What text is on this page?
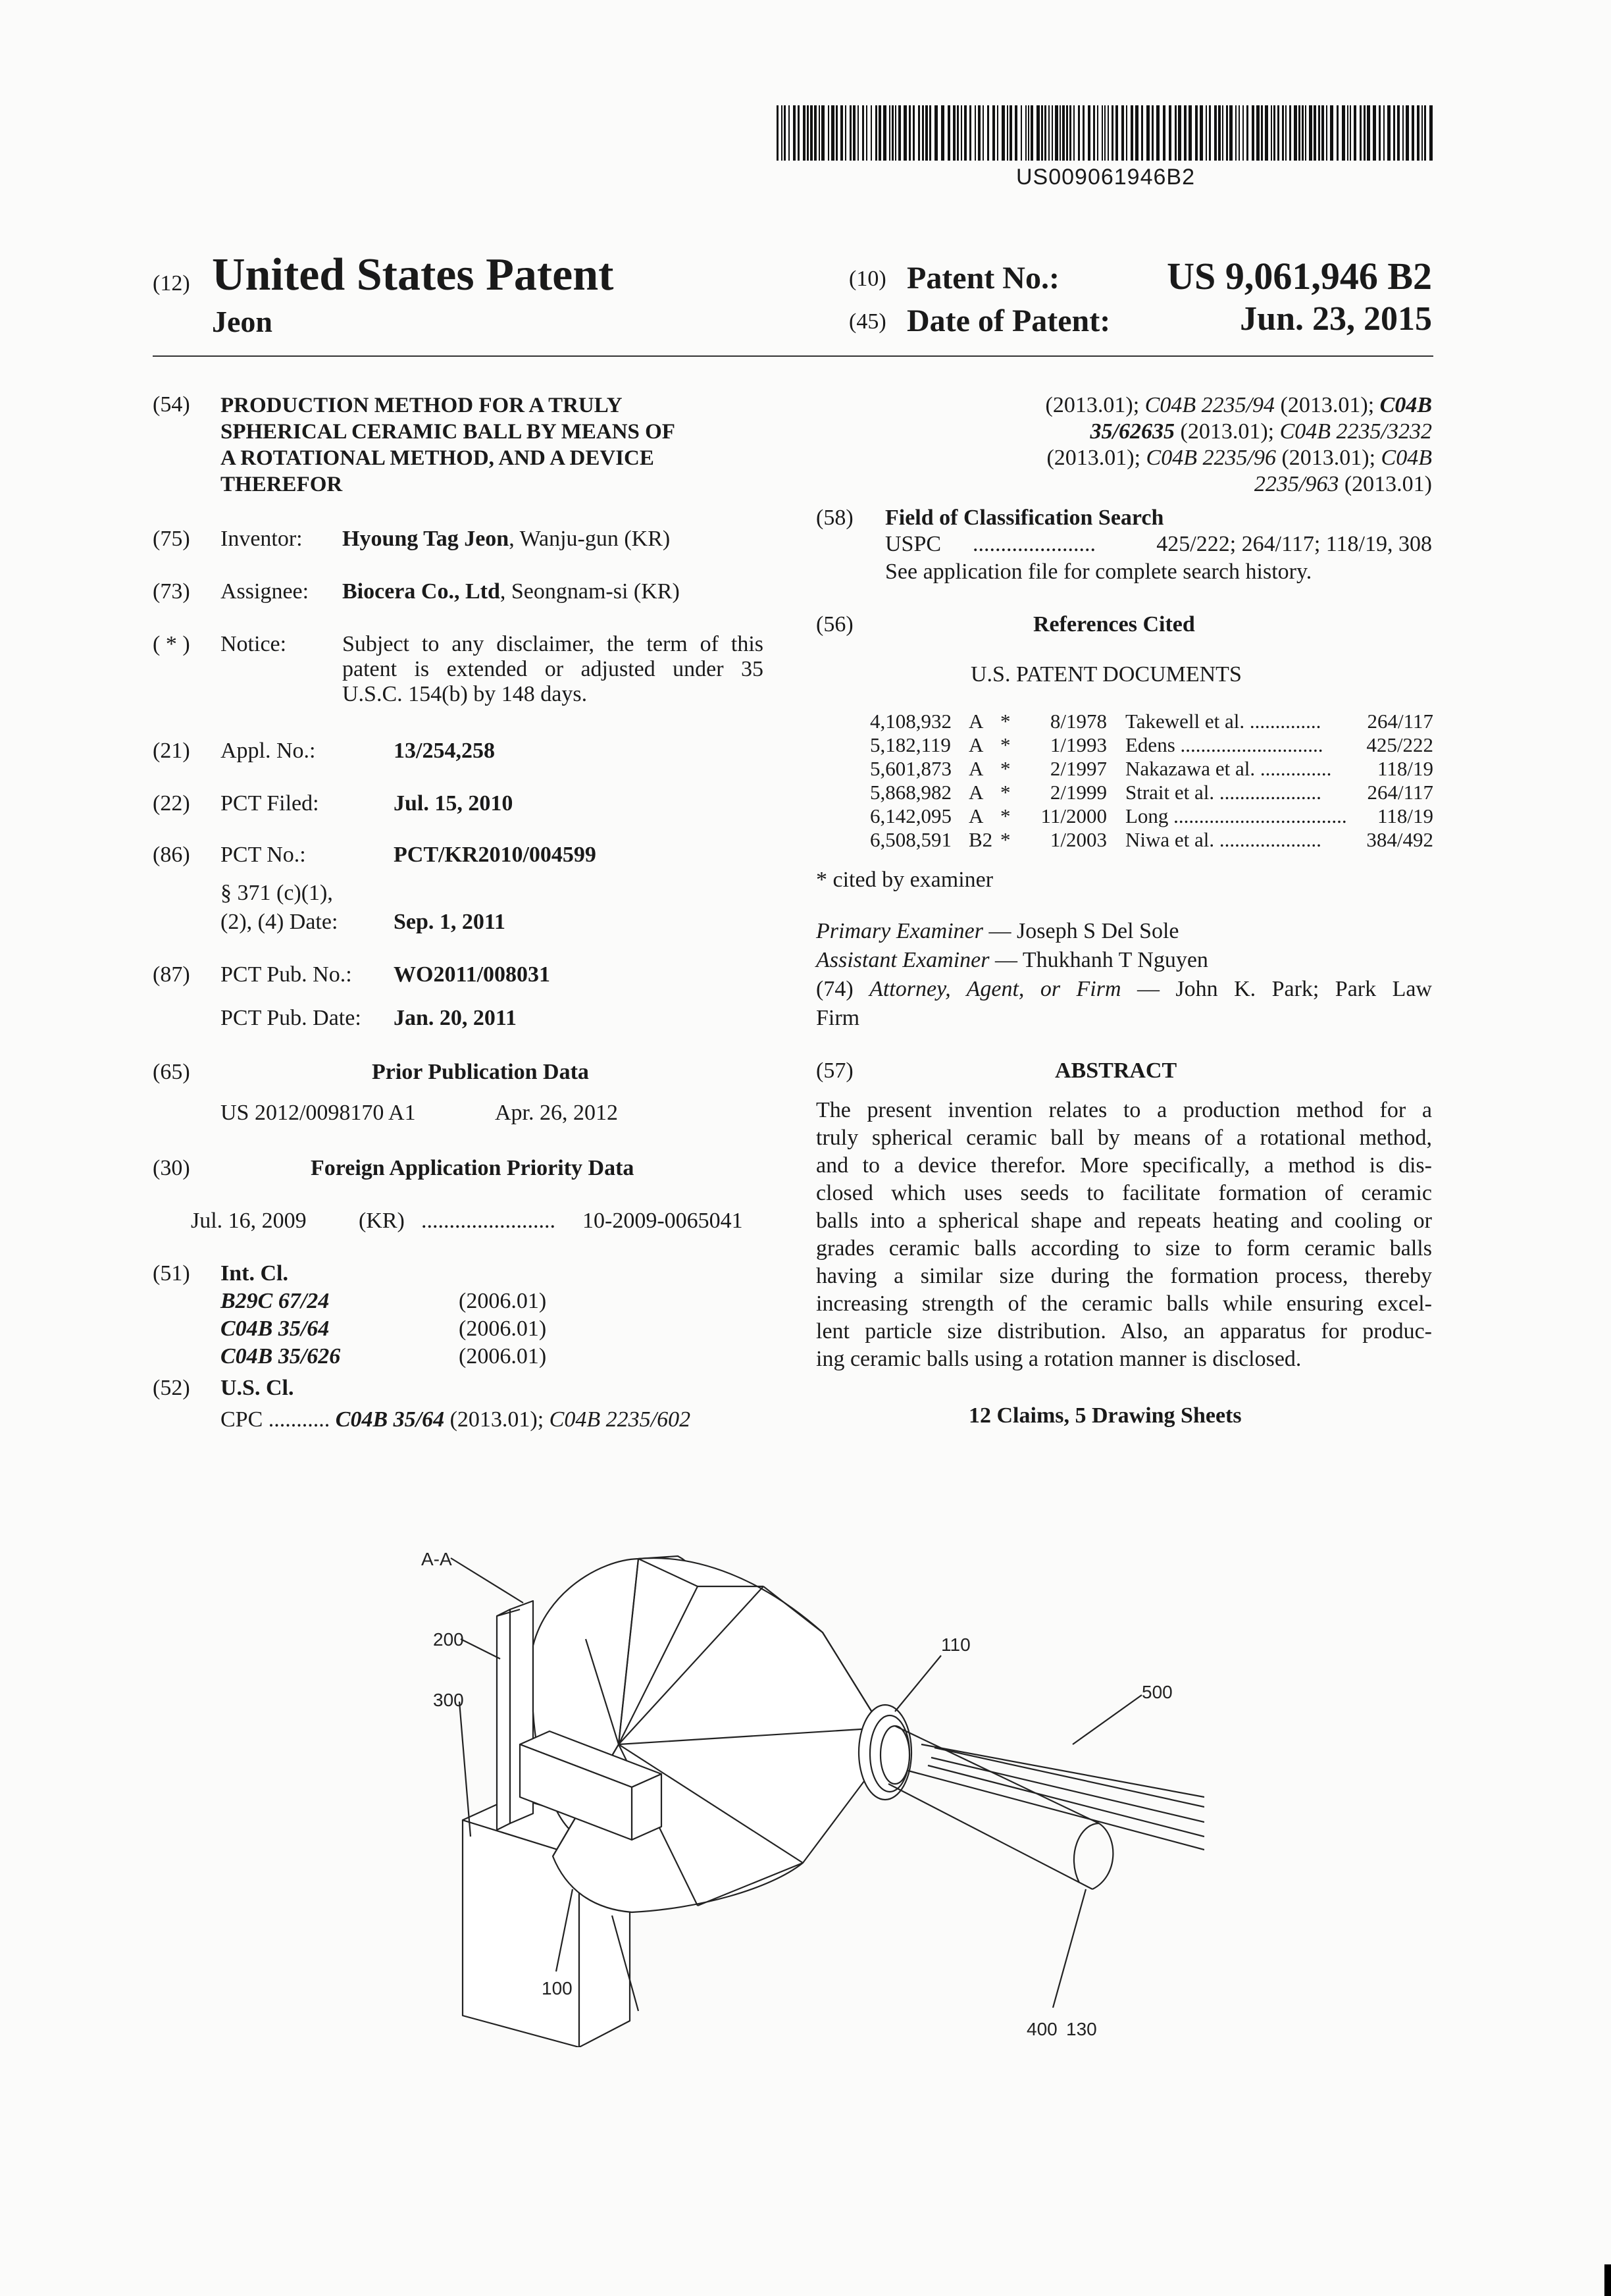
US009061946B2
(12) United States Patent
Jeon
(10) Patent No.:	US 9,061,946 B2
(45) Date of Patent:	Jun. 23, 2015
(54) PRODUCTION METHOD FOR A TRULY
SPHERICAL CERAMIC BALL BY MEANS OF
A ROTATIONAL METHOD, AND A DEVICE
THEREFOR
(75) Inventor: Hyoung Tag Jeon, Wanju-gun (KR)
(73) Assignee: Biocera Co., Ltd, Seongnam-si (KR)
( * ) Notice: Subject to any disclaimer, the term of this
patent is extended or adjusted under 35
U.S.C. 154(b) by 148 days.
(21) Appl. No.:	13/254,258
(22) PCT Filed:	Jul. 15, 2010
(86) PCT No.:	PCT/KR2010/004599
§ 371 (c)(1),
(2), (4) Date: Sep. 1, 2011
(87) PCT Pub. No.: WO2011/008031
PCT Pub. Date: Jan. 20, 2011
(65)	Prior Publication Data
US 2012/0098170 A1	Apr. 26, 2012
(30)	Foreign Application Priority Data
Jul. 16, 2009 (KR) ........................ 10-2009-0065041
(51) Int. Cl.
B29C 67/24	(2006.01)
C04B 35/64	(2006.01)
C04B 35/626	(2006.01)
(52) U.S. Cl.
CPC ........... C04B 35/64 (2013.01); C04B 2235/602
(2013.01); C04B 2235/94 (2013.01); C04B
35/62635 (2013.01); C04B 2235/3232
(2013.01); C04B 2235/96 (2013.01); C04B
2235/963 (2013.01)
(58) Field of Classification Search
USPC ......................	425/222; 264/117; 118/19, 308
See application file for complete search history.
(56)	References Cited
U.S. PATENT DOCUMENTS
4,108,932 A * 8/1978 Takewell et al. .............. 264/117
5,182,119 A * 1/1993 Edens ............................ 425/222
5,601,873 A * 2/1997 Nakazawa et al. .............. 118/19
5,868,982 A * 2/1999 Strait et al. .................... 264/117
6,142,095 A * 11/2000 Long .................................. 118/19
6,508,591 B2 * 1/2003 Niwa et al. .................... 384/492
* cited by examiner
Primary Examiner — Joseph S Del Sole
Assistant Examiner — Thukhanh T Nguyen
(74) Attorney, Agent, or Firm — John K. Park; Park Law
Firm
(57)	ABSTRACT
The present invention relates to a production method for a
truly spherical ceramic ball by means of a rotational method,
and to a device therefor. More specifically, a method is dis-
closed which uses seeds to facilitate formation of ceramic
balls into a spherical shape and repeats heating and cooling or
grades ceramic balls according to size to form ceramic balls
having a similar size during the formation process, thereby
increasing strength of the ceramic balls while ensuring excel-
lent particle size distribution. Also, an apparatus for produc-
ing ceramic balls using a rotation manner is disclosed.
12 Claims, 5 Drawing Sheets
A-A
200
300
110
500
100
400 130
